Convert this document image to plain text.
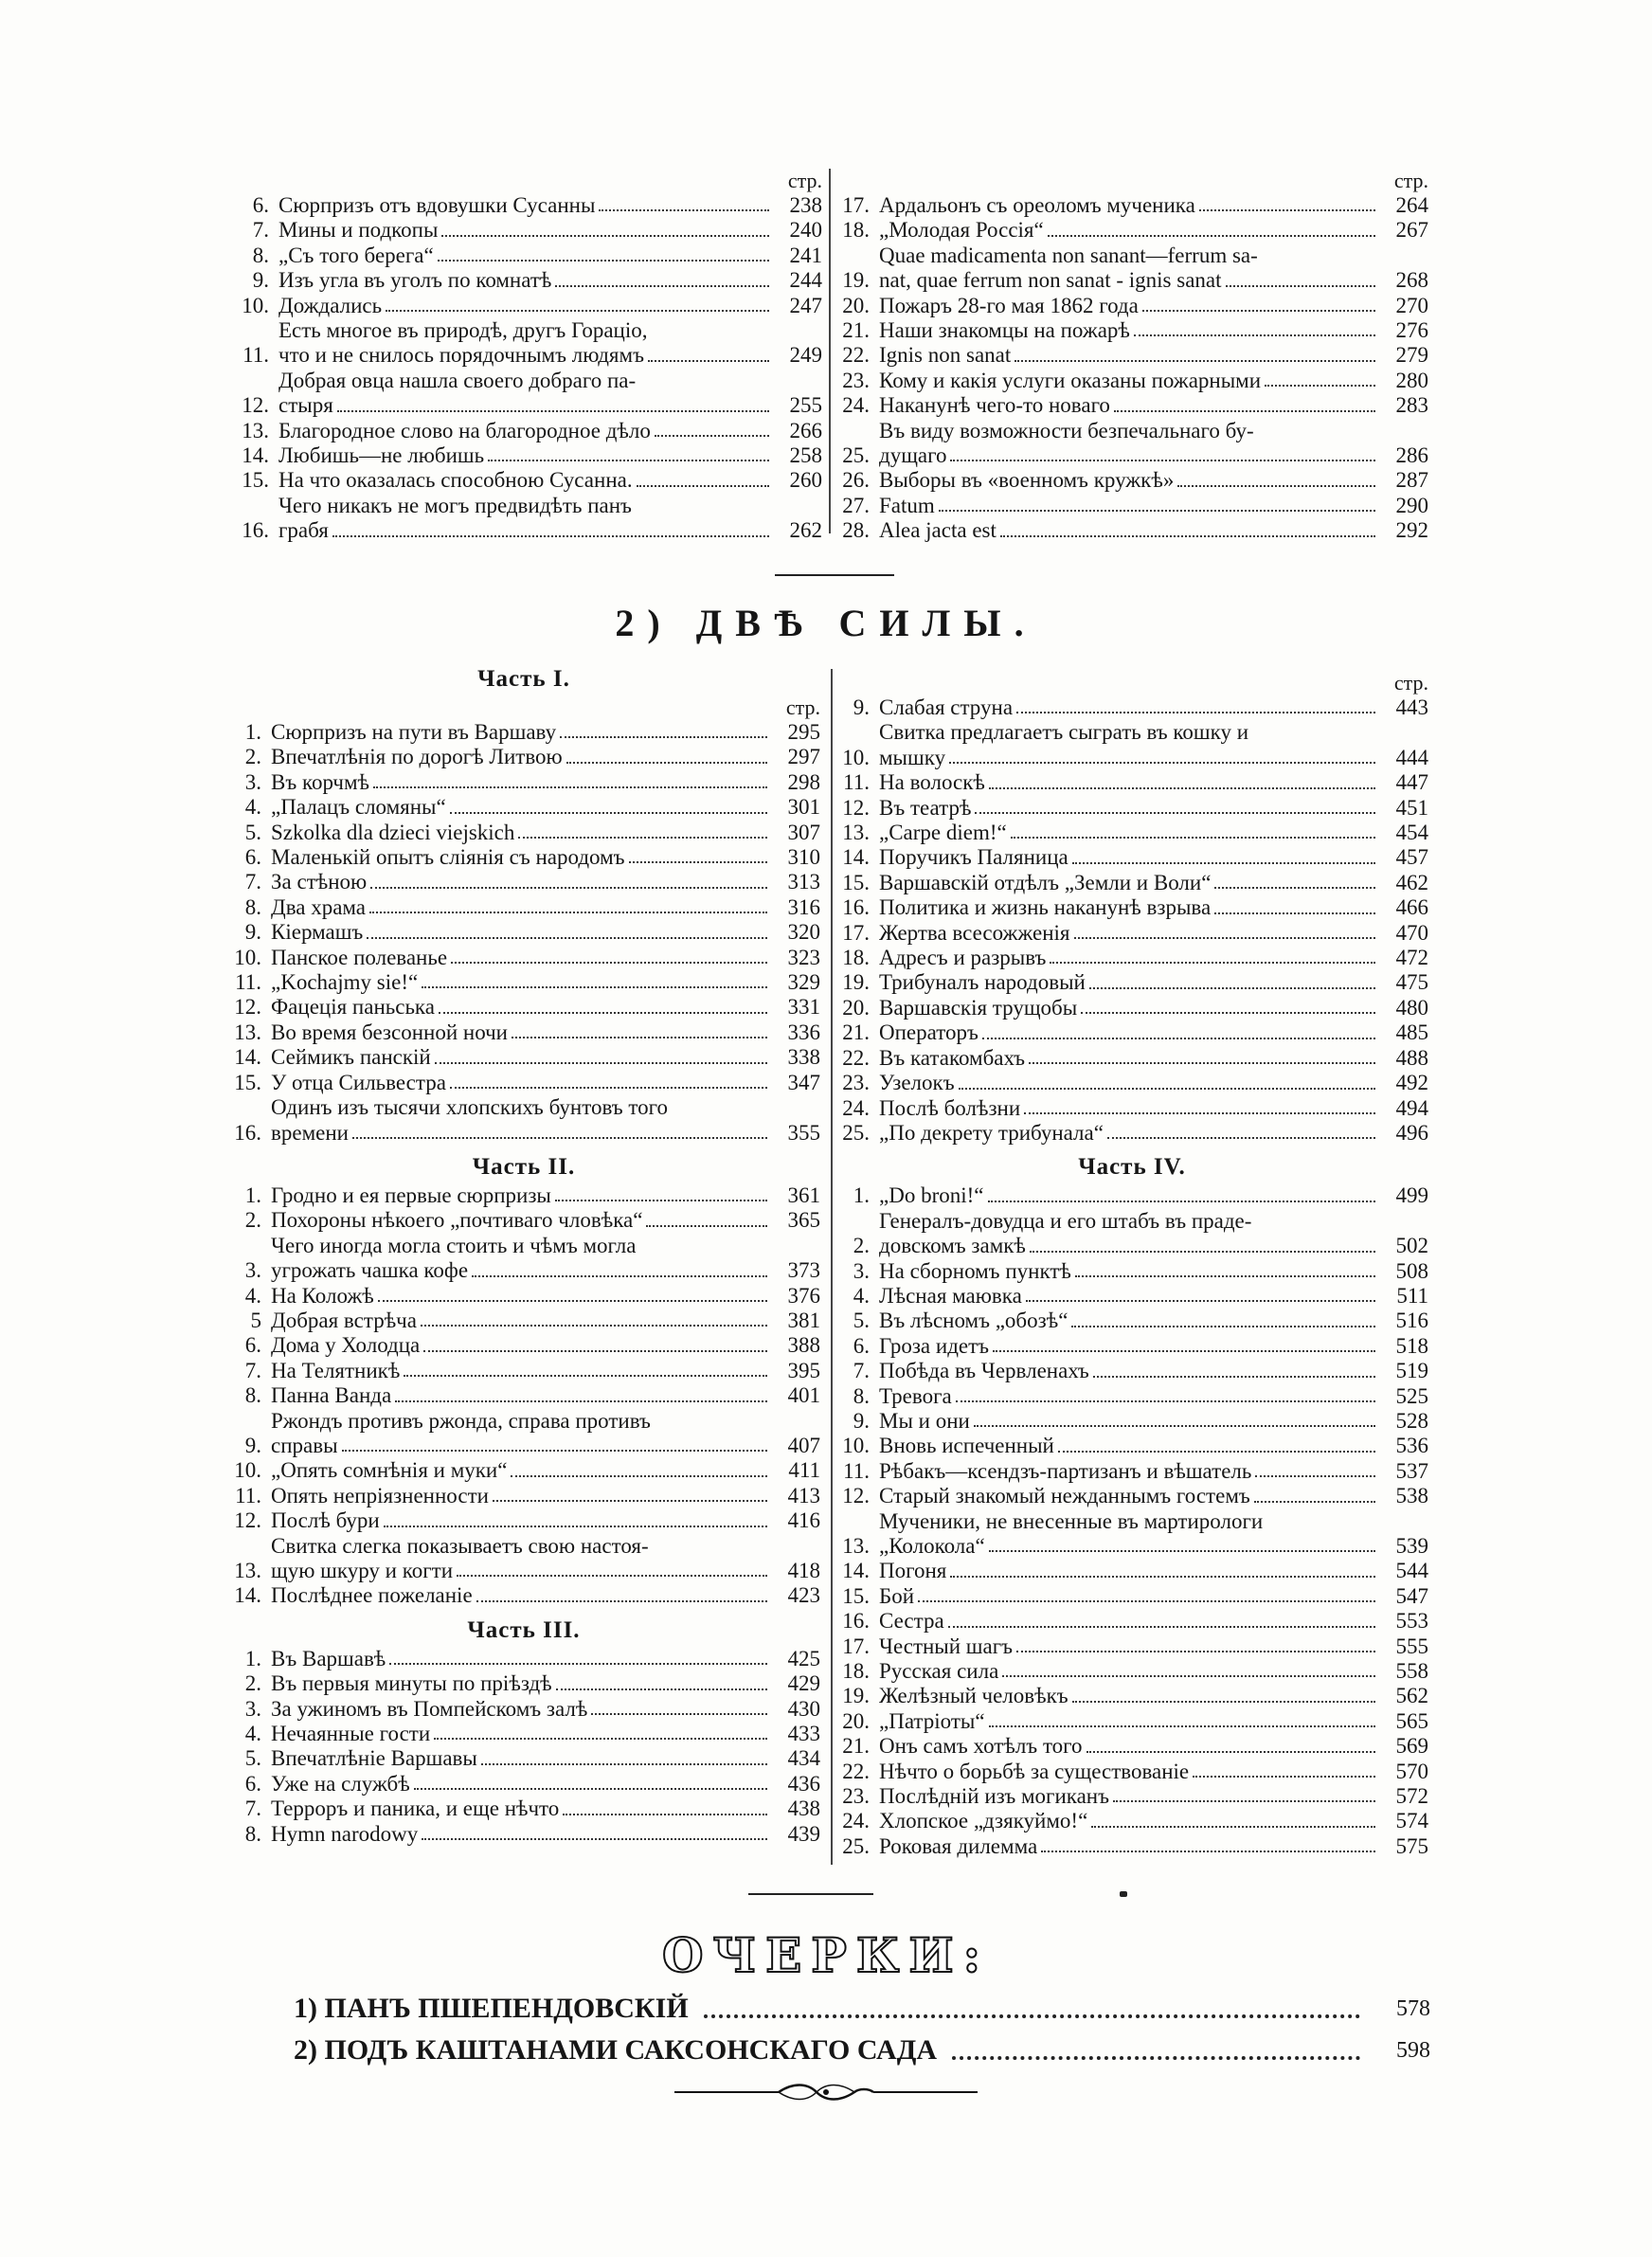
стр.
6. Сюрпризъ отъ вдовушки Сусанны	238
7. Мины и подкопы	240
8. „Съ того берега“	241
9. Изъ угла въ уголъ по комнатѣ	244
10. Дождались	247
11.
Есть многое въ природѣ, другъ Горацiо,
что и не снилось порядочнымъ людямъ	249
12.
Добрая овца нашла своего добраго па-
стыря	255
13. Благородное слово на благородное дѣло	266
14. Любишь—не любишь	258
15. На что оказалась способною Сусанна.	260
16.
Чего никакъ не могъ предвидѣть панъ
грабя	262
стр.
17. Ардальонъ съ ореоломъ мученика	264
18. „Молодая Россiя“	267
19.
Quae madicamenta non sanant—ferrum sa-
nat, quae ferrum non sanat - ignis sanat	268
20. Пожаръ 28-го мая 1862 года	270
21. Наши знакомцы на пожарѣ	276
22. Ignis non sanat	279
23. Кому и какiя услуги оказаны пожарными	280
24. Наканунѣ чего-то новаго	283
25.
Въ виду возможности безпечальнаго бу-
дущаго	286
26. Выборы въ «военномъ кружкѣ»	287
27. Fatum	290
28. Alea jacta est	292
2) ДВѢ СИЛЫ.
Часть I.
стр.
1. Сюрпризъ на пути въ Варшаву	295
2. Впечатлѣнiя по дорогѣ Литвою	297
3. Въ корчмѣ	298
4. „Палацъ сломяны“	301
5. Szkolka dla dzieci viejskich	307
6. Маленькiй опытъ слiянiя съ народомъ	310
7. За стѣною	313
8. Два храма	316
9. Кiермашъ	320
10. Панское полеванье	323
11. „Kochajmy sie!“	329
12. Фацецiя паньська	331
13. Во время безсонной ночи	336
14. Сеймикъ панскiй	338
15. У отца Сильвестра	347
16.
Одинъ изъ тысячи хлопскихъ бунтовъ того
времени	355
Часть II.
1. Гродно и ея первые сюрпризы	361
2. Похороны нѣкоего „почтиваго чловѣка“	365
3.
Чего иногда могла стоить и чѣмъ могла
угрожать чашка кофе	373
4. На Коложѣ	376
5 Добрая встрѣча	381
6. Дома у Холодца	388
7. На Телятникѣ	395
8. Панна Ванда	401
9.
Ржондъ противъ ржонда, справа противъ
справы	407
10. „Опять сомнѣнiя и муки“	411
11. Опять непрiязненности	413
12. Послѣ бури	416
13.
Свитка слегка показываетъ свою настоя-
щую шкуру и когти	418
14. Послѣднее пожеланiе	423
Часть III.
1. Въ Варшавѣ	425
2. Въ первыя минуты по прiѣздѣ	429
3. За ужиномъ въ Помпейскомъ залѣ	430
4. Нечаянные гости	433
5. Впечатлѣнiе Варшавы	434
6. Уже на службѣ	436
7. Террoръ и паника, и еще нѣчто	438
8. Hymn narodowy	439
стр.
9. Слабая струна	443
10.
Свитка предлагаетъ сыграть въ кошку и
мышку	444
11. На волоскѣ	447
12. Въ театрѣ	451
13. „Carpe diem!“	454
14. Поручикъ Паляница	457
15. Варшавскiй отдѣлъ „Земли и Воли“	462
16. Политика и жизнь наканунѣ взрыва	466
17. Жертва всесожженiя	470
18. Адресъ и разрывъ	472
19. Трибуналъ народовый	475
20. Варшавскiя трущобы	480
21. Операторъ	485
22. Въ катакомбахъ	488
23. Узелокъ	492
24. Послѣ болѣзни	494
25. „По декрету трибунала“	496
Часть IV.
1. „Do broni!“	499
2.
Генералъ-довудца и его штабъ въ праде-
довскомъ замкѣ	502
3. На сборномъ пунктѣ	508
4. Лѣсная маювка	511
5. Въ лѣсномъ „обозѣ“	516
6. Гроза идетъ	518
7. Побѣда въ Червленахъ	519
8. Тревога	525
9. Мы и они	528
10. Вновь испеченный	536
11. Рѣбакъ—ксендзъ-партизанъ и вѣшатель	537
12. Старый знакомый нежданнымъ гостемъ	538
13.
Мученики, не внесенные въ мартирологи
„Колокола“	539
14. Погоня	544
15. Бой	547
16. Сестра	553
17. Честный шагъ	555
18. Русская сила	558
19. Желѣзный человѣкъ	562
20. „Патрiоты“	565
21. Онъ самъ хотѣлъ того	569
22. Нѣчто о борьбѣ за существованiе	570
23. Послѣднiй изъ могиканъ	572
24. Хлопское „дзякуймо!“	574
25. Роковая дилемма	575
ОЧЕРКИ:
1) ПАНЪ ПШЕПЕНДОВСКIЙ	578
2) ПОДЪ КАШТАНАМИ САКСОНСКАГО САДА	598
